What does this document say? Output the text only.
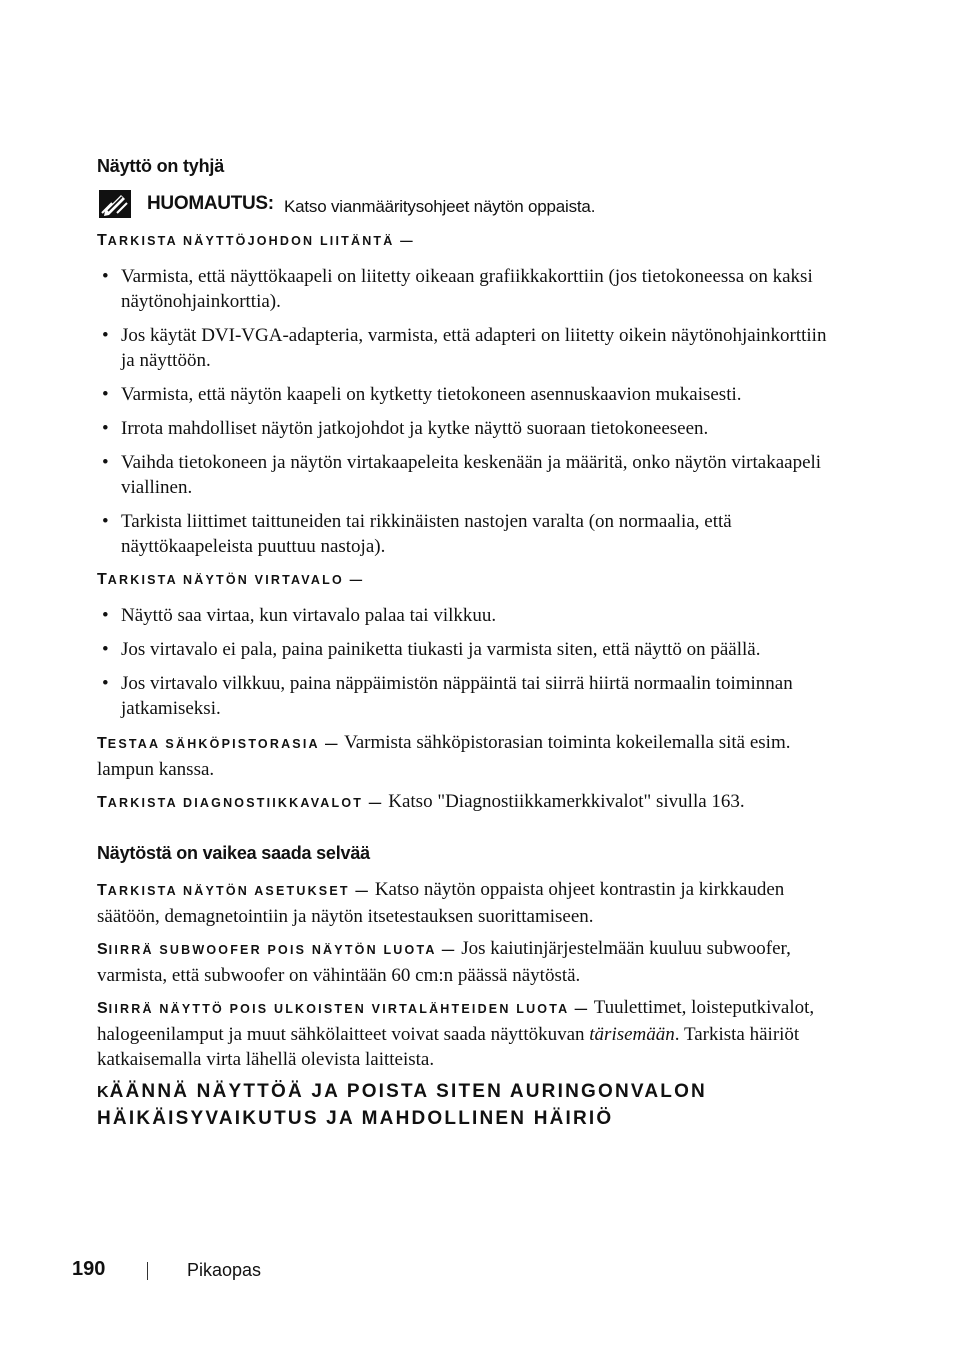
Näyttö on tyhjä
HUOMAUTUS: Katso vianmääritysohjeet näytön oppaista.
TARKISTA NÄYTTÖJOHDON LIITÄNTÄ —
• Varmista, että näyttökaapeli on liitetty oikeaan grafiikkakorttiin (jos tietokoneessa on kaksi näytönohjainkorttia).
• Jos käytät DVI-VGA-adapteria, varmista, että adapteri on liitetty oikein näytönohjainkorttiin ja näyttöön.
• Varmista, että näytön kaapeli on kytketty tietokoneen asennuskaavion mukaisesti.
• Irrota mahdolliset näytön jatkojohdot ja kytke näyttö suoraan tietokoneeseen.
• Vaihda tietokoneen ja näytön virtakaapeleita keskenään ja määritä, onko näytön virtakaapeli viallinen.
• Tarkista liittimet taittuneiden tai rikkinäisten nastojen varalta (on normaalia, että näyttökaapeleista puuttuu nastoja).
TARKISTA NÄYTÖN VIRTAVALO —
• Näyttö saa virtaa, kun virtavalo palaa tai vilkkuu.
• Jos virtavalo ei pala, paina painiketta tiukasti ja varmista siten, että näyttö on päällä.
• Jos virtavalo vilkkuu, paina näppäimistön näppäintä tai siirrä hiirtä normaalin toiminnan jatkamiseksi.
TESTAA SÄHKÖPISTORASIA — Varmista sähköpistorasian toiminta kokeilemalla sitä esim. lampun kanssa.
TARKISTA DIAGNOSTIIKKAVALOT — Katso "Diagnostiikkamerkkivalot" sivulla 163.
Näytöstä on vaikea saada selvää
TARKISTA NÄYTÖN ASETUKSET — Katso näytön oppaista ohjeet kontrastin ja kirkkauden säätöön, demagnetointiin ja näytön itsetestauksen suorittamiseen.
SIIRRÄ SUBWOOFER POIS NÄYTÖN LUOTA — Jos kaiutinjärjestelmään kuuluu subwoofer, varmista, että subwoofer on vähintään 60 cm:n päässä näytöstä.
SIIRRÄ NÄYTTÖ POIS ULKOISTEN VIRTALÄHTEIDEN LUOTA — Tuulettimet, loisteputkivalot, halogeenilamput ja muut sähkölaitteet voivat saada näyttökuvan tärisemään. Tarkista häiriöt katkaisemalla virta lähellä olevista laitteista.
KÄÄNNÄ NÄYTTÖÄ JA POISTA SITEN AURINGONVALON HÄIKÄISYVAIKUTUS JA MAHDOLLINEN HÄIRIÖ
190	Pikaopas
